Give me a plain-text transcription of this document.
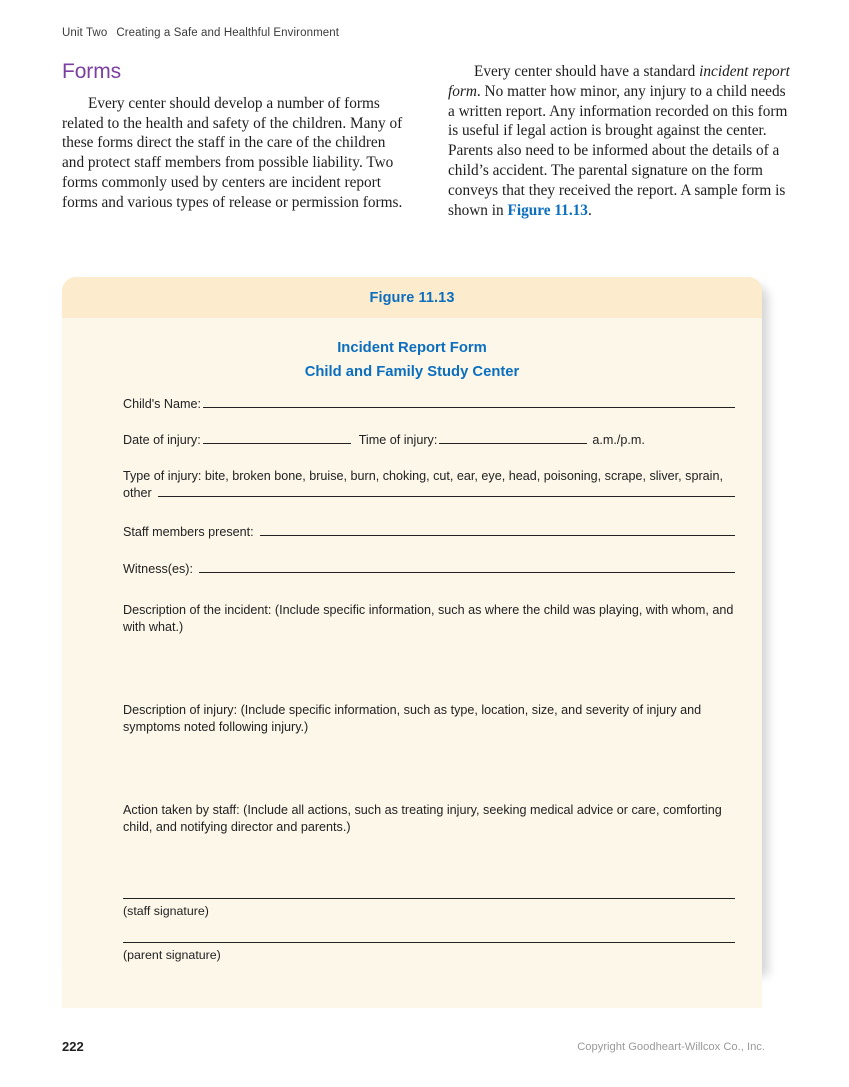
Unit Two Creating a Safe and Healthful Environment
Forms

Every center should develop a number of forms related to the health and safety of the children. Many of these forms direct the staff in the care of the children and protect staff members from possible liability. Two forms commonly used by centers are incident report forms and various types of release or permission forms.

Every center should have a standard incident report form. No matter how minor, any injury to a child needs a written report. Any information recorded on this form is useful if legal action is brought against the center. Parents also need to be informed about the details of a child’s accident. The parental signature on the form conveys that they received the report. A sample form is shown in Figure 11.13.

Figure 11.13
Incident Report Form
Child and Family Study Center
Child's Name:
Date of injury:	Time of injury:	a.m./p.m.

Type of injury: bite, broken bone, bruise, burn, choking, cut, ear, eye, head, poisoning, scrape, sliver, sprain,

other
Staff members present:
Witness(es):

Description of the incident: (Include specific information, such as where the child was playing, with whom, and with what.)

Description of injury: (Include specific information, such as type, location, size, and severity of injury and symptoms noted following injury.)

Action taken by staff: (Include all actions, such as treating injury, seeking medical advice or care, comforting child, and notifying director and parents.)

(staff signature)
(parent signature)
222	Copyright Goodheart-Willcox Co., Inc.
